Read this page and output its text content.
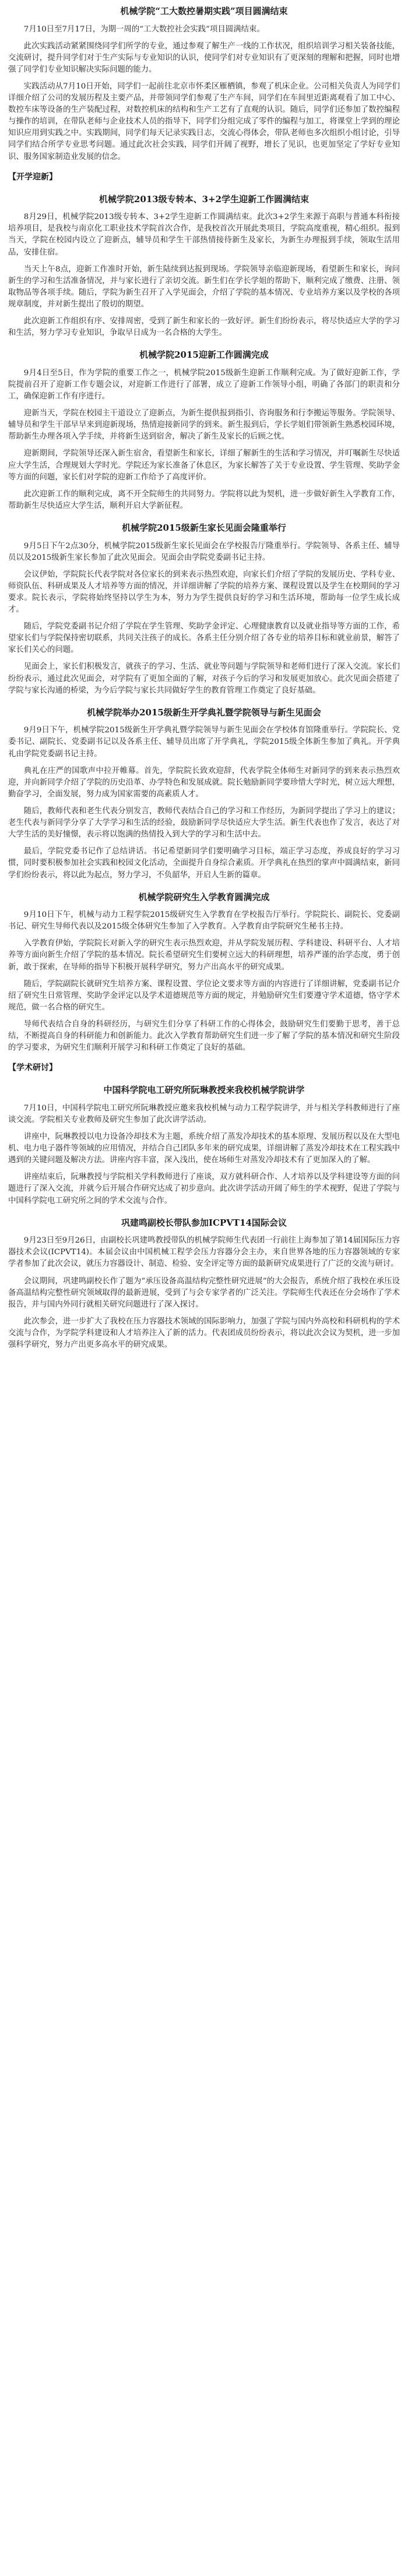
机械学院“工大数控暑期实践”项目圆满结束

7月10日至7月17日，为期一周的“工大数控社会实践”项目圆满结束。

此次实践活动紧紧围绕同学们所学的专业，通过参观了解生产一线的工作状况，组织培训学习相关装备技能，交流研讨，提升同学们对于生产实际与专业知识的认识，使同学们对专业知识有了更深刻的理解和把握，同时也增强了同学们专业知识解决实际问题的能力。

实践活动从7月10日开始，同学们一起前往北京市怀柔区雁栖镇，参观了机床企业。公司相关负责人为同学们详细介绍了公司的发展历程及主要产品，并带领同学们参观了生产车间，同学们在车间里近距离观看了加工中心、数控车床等设备的生产装配过程，对数控机床的结构和生产工艺有了直观的认识。随后，同学们还参加了数控编程与操作的培训，在带队老师与企业技术人员的指导下，同学们分组完成了零件的编程与加工，将课堂上学到的理论知识应用到实践之中。实践期间，同学们每天记录实践日志，交流心得体会，带队老师也多次组织小组讨论，引导同学们结合所学专业思考问题。通过此次社会实践，同学们开阔了视野，增长了见识，也更加坚定了学好专业知识、服务国家制造业发展的信念。

【开学迎新】
机械学院2013级专转本、3+2学生迎新工作圆满结束

8月29日，机械学院2013级专转本、3+2学生迎新工作圆满结束。此次3+2学生来源于高职与普通本科衔接培养项目，是我校与南京化工职业技术学院首次合作，是我校首次开展此类项目，学院高度重视，精心组织。报到当天，学院在校园内设立了迎新点，辅导员和学生干部热情接待新生及家长，为新生办理报到手续，领取生活用品，安排住宿。

当天上午8点，迎新工作准时开始，新生陆续到达报到现场。学院领导亲临迎新现场，看望新生和家长，询问新生的学习和生活准备情况，并与家长进行了亲切交流。新生们在学长学姐的帮助下，顺利完成了缴费、注册、领取物品等各项手续。随后，学院为新生召开了入学见面会，介绍了学院的基本情况、专业培养方案以及学校的各项规章制度，并对新生提出了殷切的期望。

此次迎新工作组织有序、安排周密，受到了新生和家长的一致好评。新生们纷纷表示，将尽快适应大学的学习和生活，努力学习专业知识，争取早日成为一名合格的大学生。

机械学院2015迎新工作圆满完成

9月4日至5日，作为学院的重要工作之一，机械学院2015级新生迎新工作顺利完成。为了做好迎新工作，学院提前召开了迎新工作专题会议，对迎新工作进行了部署，成立了迎新工作领导小组，明确了各部门的职责和分工，确保迎新工作有序进行。

迎新当天，学院在校园主干道设立了迎新点，为新生提供报到指引、咨询服务和行李搬运等服务。学院领导、辅导员和学生干部早早来到迎新现场，热情迎接新同学的到来。新生报到后，学长学姐们带领新生熟悉校园环境，帮助新生办理各项入学手续，并将新生送到宿舍，解决了新生及家长的后顾之忧。

迎新期间，学院领导还深入新生宿舍，看望新生和家长，详细了解新生的生活和学习情况，并叮嘱新生尽快适应大学生活，合理规划大学时光。学院还为家长准备了休息区，为家长解答了关于专业设置、学生管理、奖助学金等方面的问题，家长们对学院的迎新工作给予了高度评价。

此次迎新工作的顺利完成，离不开全院师生的共同努力。学院将以此为契机，进一步做好新生入学教育工作，帮助新生尽快适应大学生活，顺利开启大学新征程。

机械学院2015级新生家长见面会隆重举行

9月5日下午2点30分，机械学院2015级新生家长见面会在学校报告厅隆重举行。学院领导、各系主任、辅导员以及2015级新生家长参加了此次见面会。见面会由学院党委副书记主持。

会议伊始，学院院长代表学院对各位家长的到来表示热烈欢迎，向家长们介绍了学院的发展历史、学科专业、师资队伍、科研成果及人才培养等方面的情况，并详细讲解了学院的培养方案、课程设置以及学生在校期间的学习要求。院长表示，学院将始终坚持以学生为本，努力为学生提供良好的学习和生活环境，帮助每一位学生成长成才。

随后，学院党委副书记介绍了学院在学生管理、奖助学金评定、心理健康教育以及就业指导等方面的工作，希望家长们与学院保持密切联系，共同关注孩子的成长。各系主任分别介绍了各专业的培养目标和就业前景，解答了家长们关心的问题。

见面会上，家长们积极发言，就孩子的学习、生活、就业等问题与学院领导和老师们进行了深入交流。家长们纷纷表示，通过此次见面会，对学院有了更加全面的了解，对孩子今后的学习和发展更加放心。此次见面会搭建了学院与家长沟通的桥梁，为今后学院与家长共同做好学生的教育管理工作奠定了良好基础。

机械学院举办2015级新生开学典礼暨学院领导与新生见面会

9月9日下午，机械学院2015级新生开学典礼暨学院领导与新生见面会在学校体育馆隆重举行。学院院长、党委书记、副院长、党委副书记以及各系主任、辅导员出席了开学典礼，学院2015级全体新生参加了典礼。开学典礼由学院党委副书记主持。

典礼在庄严的国歌声中拉开帷幕。首先，学院院长致欢迎辞，代表学院全体师生对新同学的到来表示热烈欢迎，并向新同学介绍了学院的历史沿革、办学特色和发展成就。院长勉励新同学要珍惜大学时光，树立远大理想，勤奋学习，全面发展，努力成为国家需要的高素质人才。

随后，教师代表和老生代表分别发言，教师代表结合自己的学习和工作经历，为新同学提出了学习上的建议；老生代表与新同学分享了大学学习和生活的经验，鼓励新同学尽快适应大学生活。新生代表也作了发言，表达了对大学生活的美好憧憬，表示将以饱满的热情投入到大学的学习和生活中去。

最后，学院党委书记作了总结讲话。书记希望新同学们要明确学习目标，端正学习态度，养成良好的学习习惯，同时要积极参加社会实践和校园文化活动，全面提升自身综合素质。开学典礼在热烈的掌声中圆满结束，新同学们纷纷表示，将以此为起点，努力学习，不负韶华，开启人生新的篇章。

机械学院研究生入学教育圆满完成

9月10日下午，机械与动力工程学院2015级研究生入学教育在学校报告厅举行。学院院长、副院长、党委副书记、研究生导师代表以及2015级全体研究生参加了入学教育。入学教育由学院研究生秘书主持。

入学教育伊始，学院院长对新入学的研究生表示热烈欢迎，并从学院发展历程、学科建设、科研平台、人才培养等方面向新生介绍了学院的基本情况。院长希望研究生们要树立远大的科研理想，培养严谨的治学态度，勇于创新，敢于探索，在导师的指导下积极开展科学研究，努力产出高水平的研究成果。

随后，学院副院长就研究生培养方案、课程设置、学位论文要求等方面的内容进行了详细讲解，党委副书记介绍了研究生日常管理、奖助学金评定以及学术道德规范等方面的规定，并勉励研究生们要遵守学术道德，恪守学术规范，做一名合格的研究生。

导师代表结合自身的科研经历，与研究生们分享了科研工作的心得体会，鼓励研究生们要勤于思考，善于总结，不断提高自身的科研能力和创新能力。此次入学教育帮助研究生们进一步了解了学院的基本情况和研究生阶段的学习要求，为研究生们顺利开展学习和科研工作奠定了良好的基础。

【学术研讨】
中国科学院电工研究所阮琳教授来我校机械学院讲学

7月10日，中国科学院电工研究所阮琳教授应邀来我校机械与动力工程学院讲学，并与相关学科教师进行了座谈交流。学院相关专业教师及研究生参加了此次讲学活动。

讲座中，阮琳教授以电力设备冷却技术为主题，系统介绍了蒸发冷却技术的基本原理、发展历程以及在大型电机、电力电子器件等领域的应用情况，并结合自己团队多年来的研究成果，详细讲解了蒸发冷却技术在工程实践中遇到的关键问题及解决方法。讲座内容丰富，深入浅出，使在场师生对蒸发冷却技术有了更加深入的了解。

讲座结束后，阮琳教授与学院相关学科教师进行了座谈，双方就科研合作、人才培养以及学科建设等方面的问题进行了深入交流，并就今后开展合作研究达成了初步意向。此次讲学活动开阔了师生的学术视野，促进了学院与中国科学院电工研究所之间的学术交流与合作。

巩建鸣副校长带队参加ICPVT14国际会议

9月23日至9月26日，由副校长巩建鸣教授带队的机械学院师生代表团一行前往上海参加了第14届国际压力容器技术会议(ICPVT14)。本届会议由中国机械工程学会压力容器分会主办，来自世界各地的压力容器领域的专家学者参加了此次会议，就压力容器设计、制造、检验、安全评定等方面的最新研究成果进行了广泛的交流与研讨。

会议期间，巩建鸣副校长作了题为“承压设备高温结构完整性研究进展”的大会报告，系统介绍了我校在承压设备高温结构完整性研究领域取得的最新进展，受到了与会专家学者的广泛关注。学院师生代表还在分会场作了学术报告，并与国内外同行就相关研究问题进行了深入探讨。

此次参会，进一步扩大了我校在压力容器技术领域的国际影响力，加强了学院与国内外高校和科研机构的学术交流与合作，为学院学科建设和人才培养注入了新的活力。代表团成员纷纷表示，将以此次会议为契机，进一步加强科学研究，努力产出更多高水平的研究成果。
